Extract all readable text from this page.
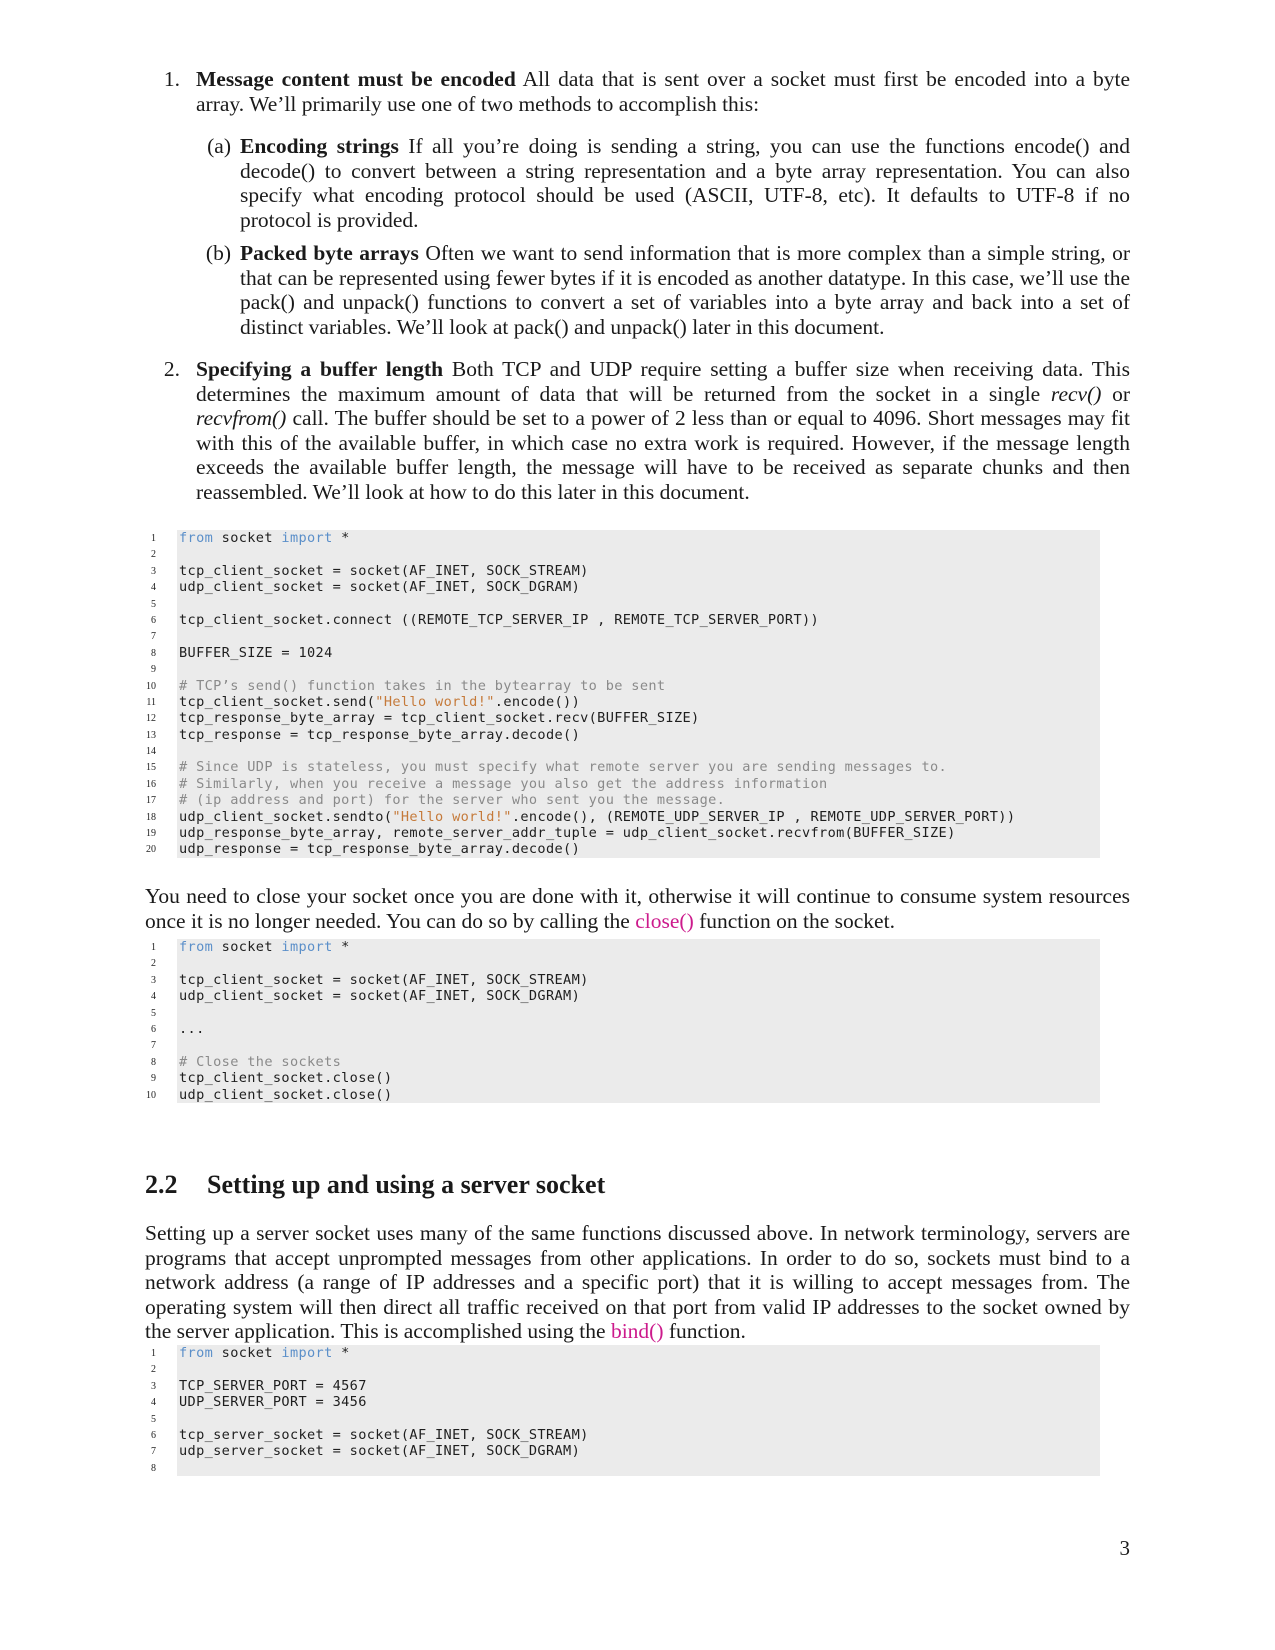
1. Message content must be encoded All data that is sent over a socket must first be encoded into a byte array. We’ll primarily use one of two methods to accomplish this:
(a) Encoding strings If all you’re doing is sending a string, you can use the functions encode() and decode() to convert between a string representation and a byte array representation. You can also specify what encoding protocol should be used (ASCII, UTF-8, etc). It defaults to UTF-8 if no protocol is provided.
(b) Packed byte arrays Often we want to send information that is more complex than a simple string, or that can be represented using fewer bytes if it is encoded as another datatype. In this case, we’ll use the pack() and unpack() functions to convert a set of variables into a byte array and back into a set of distinct variables. We’ll look at pack() and unpack() later in this document.
2. Specifying a buffer length Both TCP and UDP require setting a buffer size when receiving data. This determines the maximum amount of data that will be returned from the socket in a single recv() or recvfrom() call. The buffer should be set to a power of 2 less than or equal to 4096. Short messages may fit with this of the available buffer, in which case no extra work is required. However, if the message length exceeds the available buffer length, the message will have to be received as separate chunks and then reassembled. We’ll look at how to do this later in this document.
1 from socket import *
2
3 tcp_client_socket = socket(AF_INET, SOCK_STREAM)
4 udp_client_socket = socket(AF_INET, SOCK_DGRAM)
5
6 tcp_client_socket.connect ((REMOTE_TCP_SERVER_IP , REMOTE_TCP_SERVER_PORT))
7
8 BUFFER_SIZE = 1024
9
10 # TCP’s send() function takes in the bytearray to be sent
11 tcp_client_socket.send("Hello world!".encode())
12 tcp_response_byte_array = tcp_client_socket.recv(BUFFER_SIZE)
13 tcp_response = tcp_response_byte_array.decode()
14
15 # Since UDP is stateless, you must specify what remote server you are sending messages to.
16 # Similarly, when you receive a message you also get the address information
17 # (ip address and port) for the server who sent you the message.
18 udp_client_socket.sendto("Hello world!".encode(), (REMOTE_UDP_SERVER_IP , REMOTE_UDP_SERVER_PORT))
19 udp_response_byte_array, remote_server_addr_tuple = udp_client_socket.recvfrom(BUFFER_SIZE)
20 udp_response = tcp_response_byte_array.decode()
You need to close your socket once you are done with it, otherwise it will continue to consume system resources once it is no longer needed. You can do so by calling the close() function on the socket.
1 from socket import *
2
3 tcp_client_socket = socket(AF_INET, SOCK_STREAM)
4 udp_client_socket = socket(AF_INET, SOCK_DGRAM)
5
6 ...
7
8 # Close the sockets
9 tcp_client_socket.close()
10 udp_client_socket.close()
2.2 Setting up and using a server socket
Setting up a server socket uses many of the same functions discussed above. In network terminology, servers are programs that accept unprompted messages from other applications. In order to do so, sockets must bind to a network address (a range of IP addresses and a specific port) that it is willing to accept messages from. The operating system will then direct all traffic received on that port from valid IP addresses to the socket owned by the server application. This is accomplished using the bind() function.
1 from socket import *
2
3 TCP_SERVER_PORT = 4567
4 UDP_SERVER_PORT = 3456
5
6 tcp_server_socket = socket(AF_INET, SOCK_STREAM)
7 udp_server_socket = socket(AF_INET, SOCK_DGRAM)
8
3
